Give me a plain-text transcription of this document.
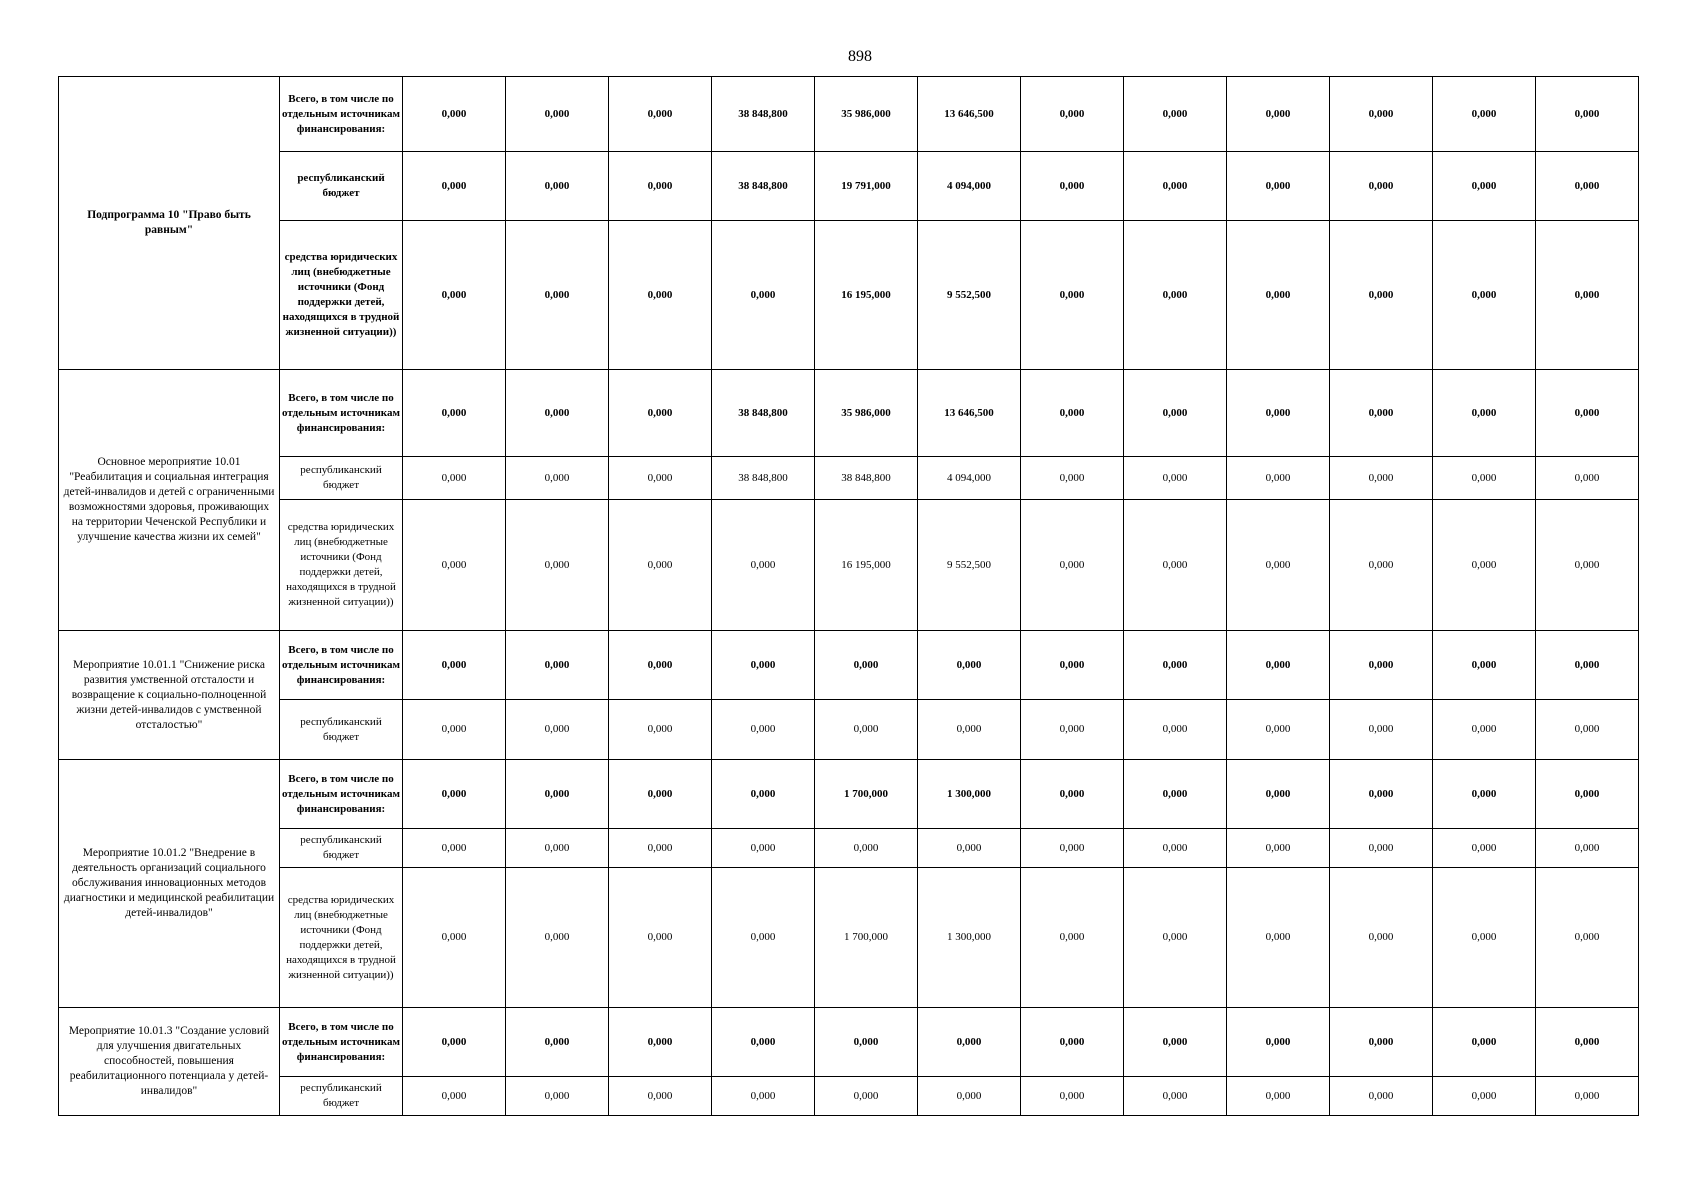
898
Подпрограмма 10 "Право быть равным"	Всего, в том числе по отдельным источникам финансирования:	0,000	0,000	0,000	38 848,800	35 986,000	13 646,500	0,000	0,000	0,000	0,000	0,000	0,000
	республиканский бюджет	0,000	0,000	0,000	38 848,800	19 791,000	4 094,000	0,000	0,000	0,000	0,000	0,000	0,000
	средства юридических лиц (внебюджетные источники (Фонд поддержки детей, находящихся в трудной жизненной ситуации))	0,000	0,000	0,000	0,000	16 195,000	9 552,500	0,000	0,000	0,000	0,000	0,000	0,000
Основное мероприятие 10.01 "Реабилитация и социальная интеграция детей-инвалидов и детей с ограниченными возможностями здоровья, проживающих на территории Чеченской Республики и улучшение качества жизни их семей"	Всего, в том числе по отдельным источникам финансирования:	0,000	0,000	0,000	38 848,800	35 986,000	13 646,500	0,000	0,000	0,000	0,000	0,000	0,000
	республиканский бюджет	0,000	0,000	0,000	38 848,800	38 848,800	4 094,000	0,000	0,000	0,000	0,000	0,000	0,000
	средства юридических лиц (внебюджетные источники (Фонд поддержки детей, находящихся в трудной жизненной ситуации))	0,000	0,000	0,000	0,000	16 195,000	9 552,500	0,000	0,000	0,000	0,000	0,000	0,000
Мероприятие 10.01.1 "Снижение риска развития умственной отсталости и возвращение к социально-полноценной жизни детей-инвалидов с умственной отсталостью"	Всего, в том числе по отдельным источникам финансирования:	0,000	0,000	0,000	0,000	0,000	0,000	0,000	0,000	0,000	0,000	0,000	0,000
	республиканский бюджет	0,000	0,000	0,000	0,000	0,000	0,000	0,000	0,000	0,000	0,000	0,000	0,000
Мероприятие 10.01.2 "Внедрение в деятельность организаций социального обслуживания инновационных методов диагностики и медицинской реабилитации детей-инвалидов"	Всего, в том числе по отдельным источникам финансирования:	0,000	0,000	0,000	0,000	1 700,000	1 300,000	0,000	0,000	0,000	0,000	0,000	0,000
	республиканский бюджет	0,000	0,000	0,000	0,000	0,000	0,000	0,000	0,000	0,000	0,000	0,000	0,000
	средства юридических лиц (внебюджетные источники (Фонд поддержки детей, находящихся в трудной жизненной ситуации))	0,000	0,000	0,000	0,000	1 700,000	1 300,000	0,000	0,000	0,000	0,000	0,000	0,000
Мероприятие 10.01.3 "Создание условий для улучшения двигательных способностей, повышения реабилитационного потенциала у детей-инвалидов"	Всего, в том числе по отдельным источникам финансирования:	0,000	0,000	0,000	0,000	0,000	0,000	0,000	0,000	0,000	0,000	0,000	0,000
	республиканский бюджет	0,000	0,000	0,000	0,000	0,000	0,000	0,000	0,000	0,000	0,000	0,000	0,000
